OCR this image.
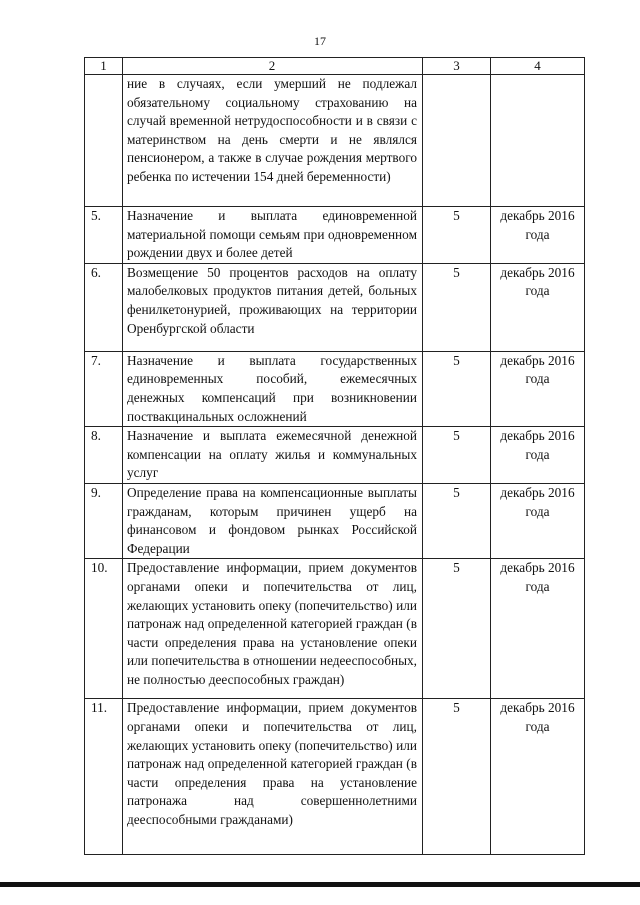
17
1	2	3	4
	ние в случаях, если умерший не подлежал обязательному социальному страхованию на случай временной нетрудоспособности и в связи с материнством на день смерти и не являлся пенсионером, а также в случае рождения мертвого ребенка по истечении 154 дней беременности)		
5.	Назначение и выплата единовременной материальной помощи семьям при одновременном рождении двух и более детей	5	декабрь 2016 года
6.	Возмещение 50 процентов расходов на оплату малобелковых продуктов питания детей, больных фенилкетонурией, проживающих на территории Оренбургской области	5	декабрь 2016 года
7.	Назначение и выплата государственных единовременных пособий, ежемесячных денежных компенсаций при возникновении поствакцинальных осложнений	5	декабрь 2016 года
8.	Назначение и выплата ежемесячной денежной компенсации на оплату жилья и коммунальных услуг	5	декабрь 2016 года
9.	Определение права на компенсационные выплаты гражданам, которым причинен ущерб на финансовом и фондовом рынках Российской Федерации	5	декабрь 2016 года
10.	Предоставление информации, прием документов органами опеки и попечительства от лиц, желающих установить опеку (попечительство) или патронаж над определенной категорией граждан (в части определения права на установление опеки или попечительства в отношении недееспособных, не полностью дееспособных граждан)	5	декабрь 2016 года
11.	Предоставление информации, прием документов органами опеки и попечительства от лиц, желающих установить опеку (попечительство) или патронаж над определенной категорией граждан (в части определения права на установление патронажа над совершеннолетними дееспособными гражданами)	5	декабрь 2016 года
